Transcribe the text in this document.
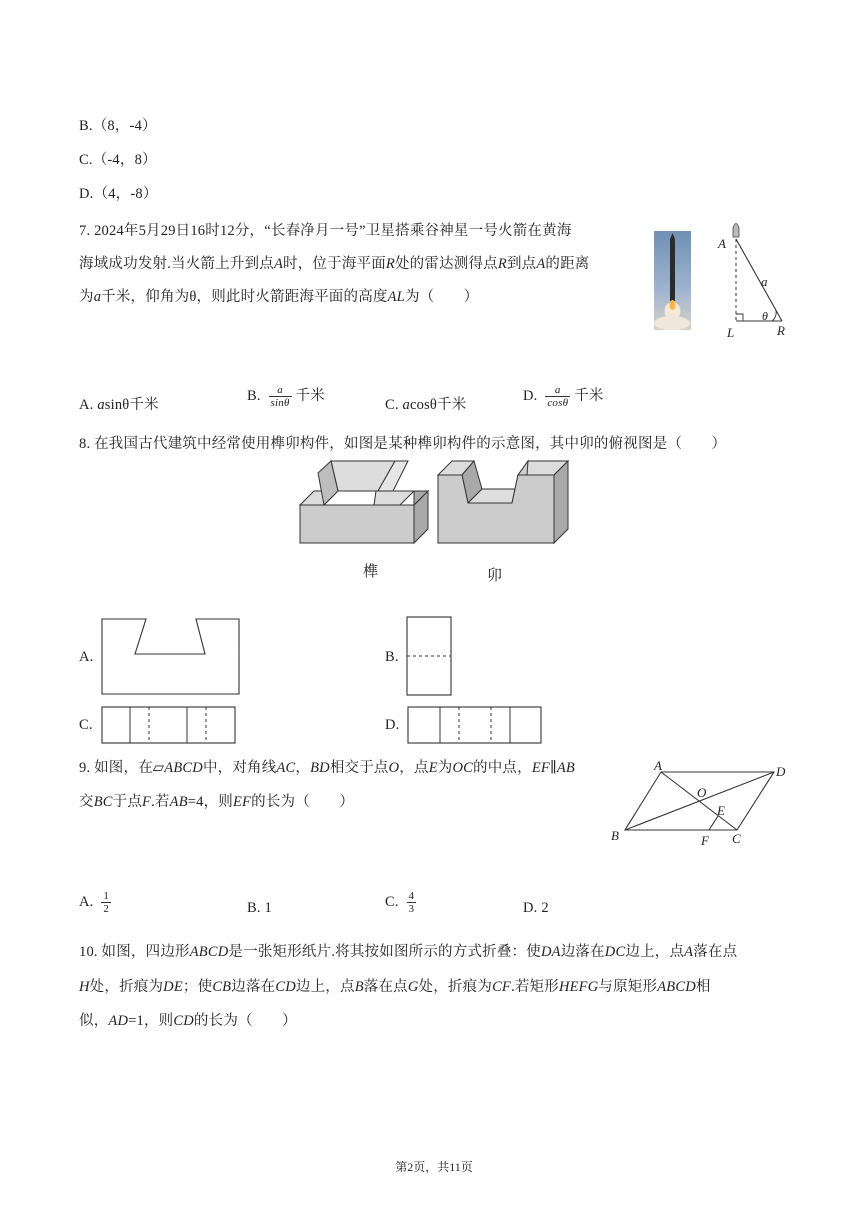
B.（8，-4）
C.（-4，8）
D.（4，-8）
7. 2024年5月29日16时12分，“长春净月一号”卫星搭乘谷神星一号火箭在黄海
海域成功发射.当火箭上升到点A时，位于海平面R处的雷达测得点R到点A的距离
为a千米，仰角为θ，则此时火箭距海平面的高度AL为（　　）
A
a
θ
L	R
A. asinθ千米
B. $\frac{a}{\sin\theta}$ 千米
C. acosθ千米
D. $\frac{a}{\cos\theta}$ 千米
8. 在我国古代建筑中经常使用榫卯构件，如图是某种榫卯构件的示意图，其中卯的俯视图是（　　）
榫	卯
A.	B.
C.	D.
9. 如图，在▱ABCD中，对角线AC，BD相交于点O，点E为OC的中点，EF∥AB
交BC于点F.若AB=4，则EF的长为（　　）
A	D
O
E
B	F C
A. $\frac{1}{2}$	B. 1	C. $\frac{4}{3}$	D. 2
10. 如图，四边形ABCD是一张矩形纸片.将其按如图所示的方式折叠：使DA边落在DC边上，点A落在点
H处，折痕为DE；使CB边落在CD边上，点B落在点G处，折痕为CF.若矩形HEFG与原矩形ABCD相
似，AD=1，则CD的长为（　　）
第2页，共11页
